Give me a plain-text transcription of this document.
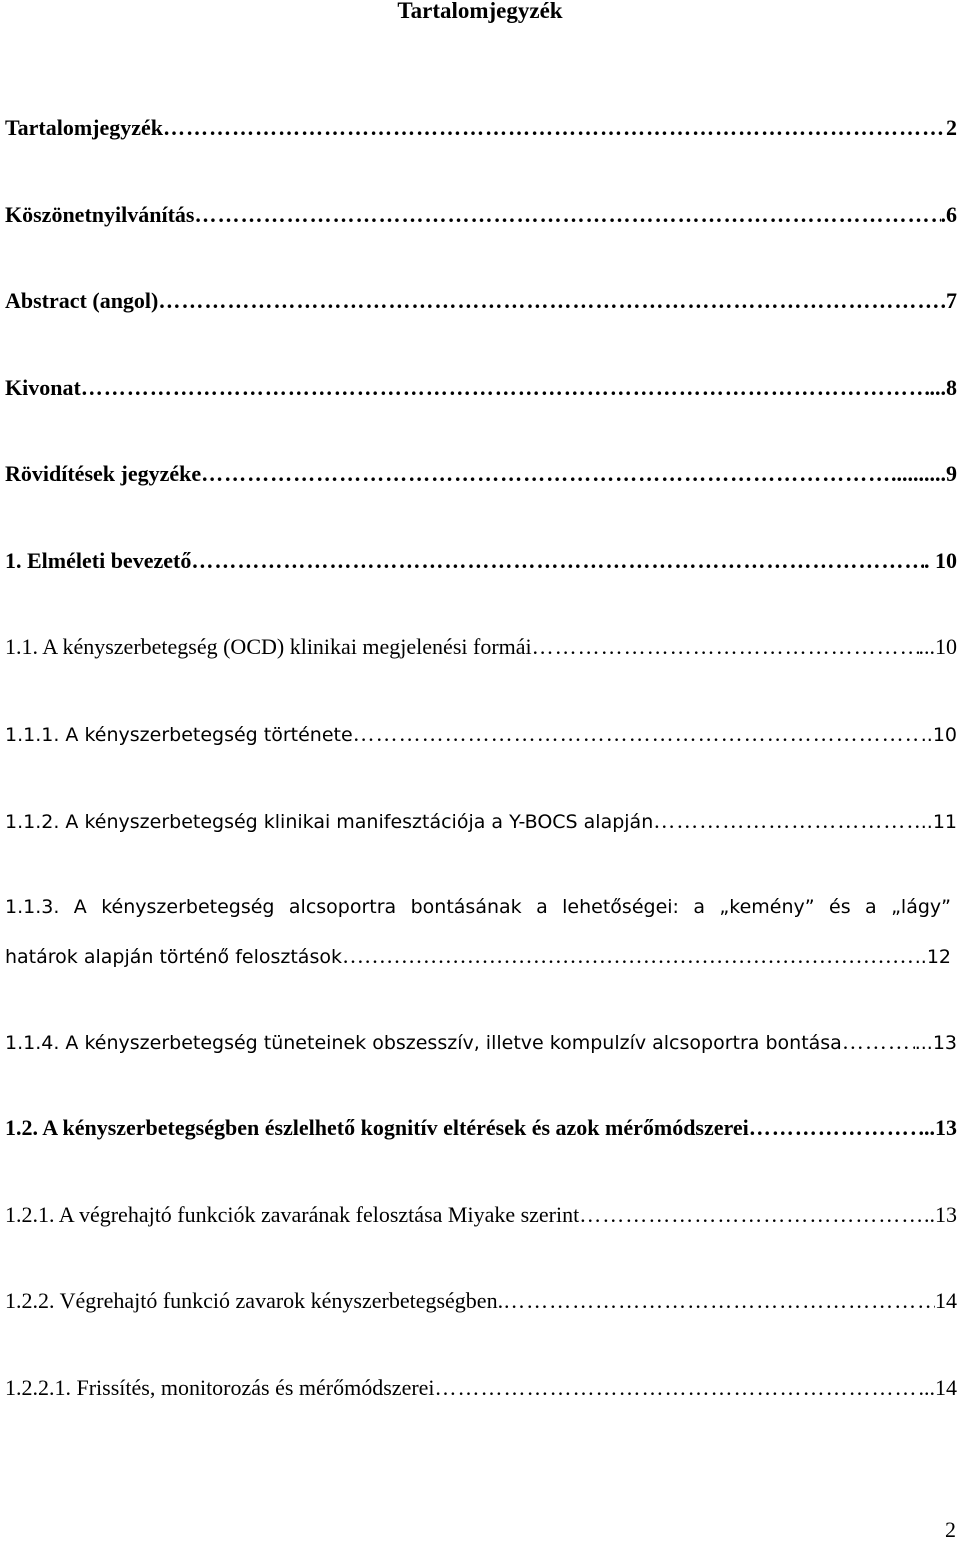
Tartalomjegyzék
Tartalomjegyzék ……………………………………………………………………………………………………………………………………………………………………	2
Köszönetnyilvánítás ……………………………………………………………………………………………………………………………………………………………………	.6
Abstract (angol) ……………………………………………………………………………………………………………………………………………………………………	.7
Kivonat ……………………………………………………………………………………………………………………………………………………………………	...8
Rövidítések jegyzéke ……………………………………………………………………………………………………………………………………………………………………	..........9
1. Elméleti bevezető ……………………………………………………………………………………………………………………………………………………………………	. 10
1.1. A kényszerbetegség (OCD) klinikai megjelenési formái ……………………………………………………………………………………………………………………………………………………………………	...10
1.1.1. A kényszerbetegség története ……………………………………………………………………………………………………………………………………………………………………	..10
1.1.2. A kényszerbetegség klinikai manifesztációja a Y-BOCS alapján ……………………………………………………………………………………………………………………………………………………………………	..11
1.1.3. A kényszerbetegség alcsoportra bontásának a lehetőségei: a „kemény” és a „lágy”
határok alapján történő felosztások ……………………………………………………………………………………………………………………	..12
1.1.4. A kényszerbetegség tüneteinek obszesszív, illetve kompulzív alcsoportra bontása ……………………………………………………………………………………………………………………………………………………………………	...13
1.2. A kényszerbetegségben észlelhető kognitív eltérések és azok mérőmódszerei ……………………………………………………………………………………………………………………………………………………………………	...13
1.2.1. A végrehajtó funkciók zavarának felosztása Miyake szerint ……………………………………………………………………………………………………………………………………………………………………	..13
1.2.2. Végrehajtó funkció zavarok kényszerbetegségben. ……………………………………………………………………………………………………………………………………………………………………	14
1.2.2.1. Frissítés, monitorozás és mérőmódszerei ……………………………………………………………………………………………………………………………………………………………………	...14
2
